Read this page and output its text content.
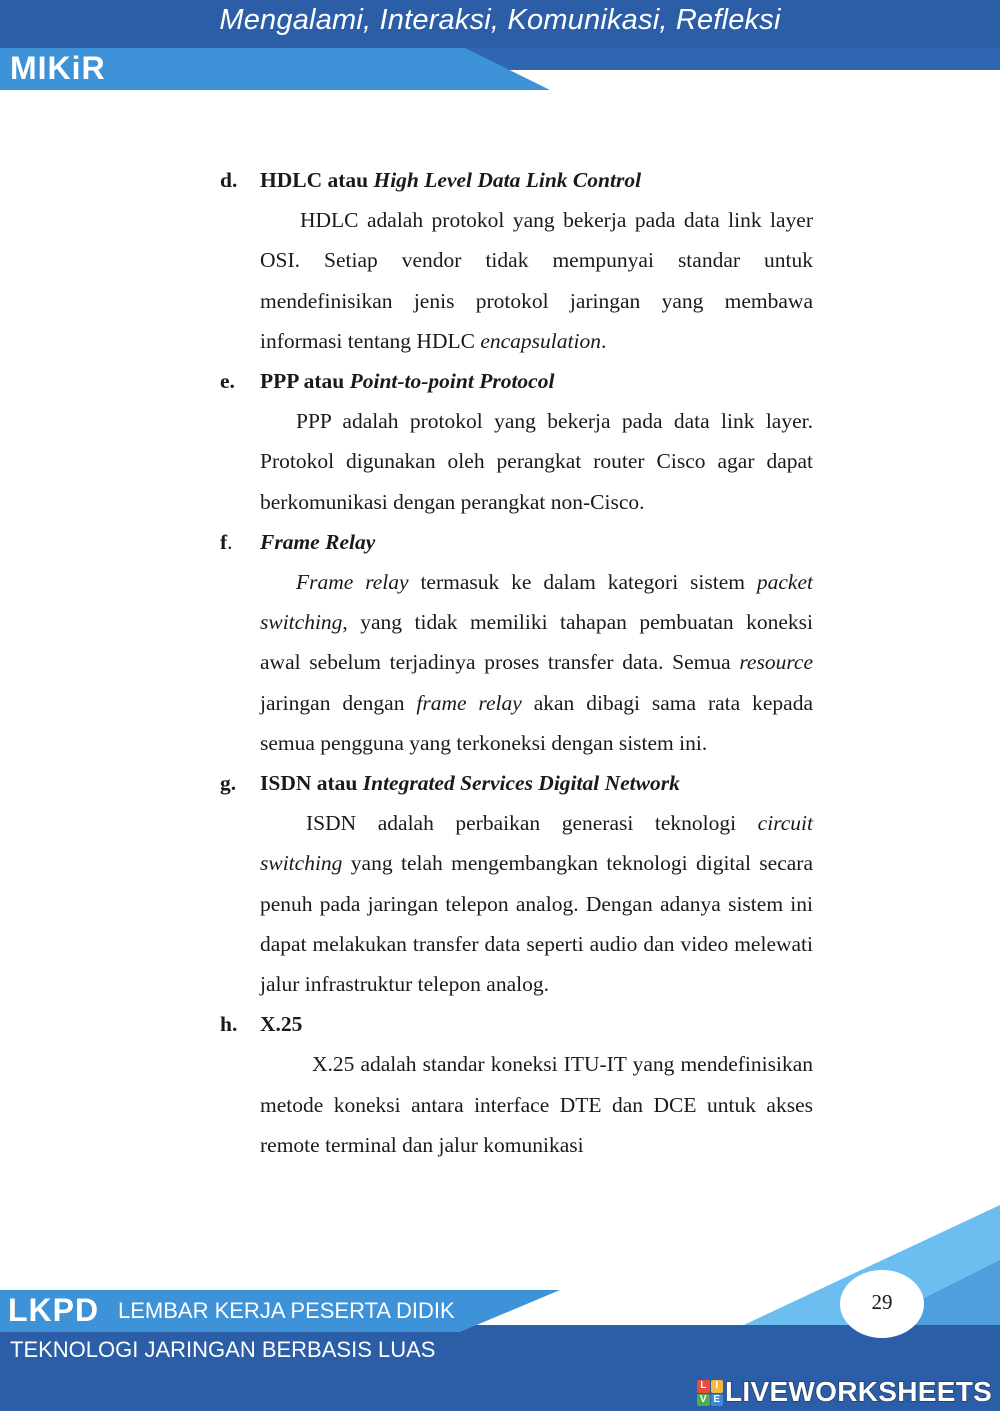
Mengalami, Interaksi, Komunikasi, Refleksi
MIKiR
d. HDLC atau High Level Data Link Control

HDLC adalah protokol yang bekerja pada data link layer OSI. Setiap vendor tidak mempunyai standar untuk mendefinisikan jenis protokol jaringan yang membawa informasi tentang HDLC encapsulation.

e. PPP atau Point-to-point Protocol

PPP adalah protokol yang bekerja pada data link layer. Protokol digunakan oleh perangkat router Cisco agar dapat berkomunikasi dengan perangkat non-Cisco.

f. Frame Relay

Frame relay termasuk ke dalam kategori sistem packet switching, yang tidak memiliki tahapan pembuatan koneksi awal sebelum terjadinya proses transfer data. Semua resource jaringan dengan frame relay akan dibagi sama rata kepada semua pengguna yang terkoneksi dengan sistem ini.

g. ISDN atau Integrated Services Digital Network

ISDN adalah perbaikan generasi teknologi circuit switching yang telah mengembangkan teknologi digital secara penuh pada jaringan telepon analog. Dengan adanya sistem ini dapat melakukan transfer data seperti audio dan video melewati jalur infrastruktur telepon analog.

h. X.25

X.25 adalah standar koneksi ITU-IT yang mendefinisikan metode koneksi antara interface DTE dan DCE untuk akses remote terminal dan jalur komunikasi

LKPD LEMBAR KERJA PESERTA DIDIK
TEKNOLOGI JARINGAN BERBASIS LUAS
29
L I
V E LIVEWORKSHEETS
